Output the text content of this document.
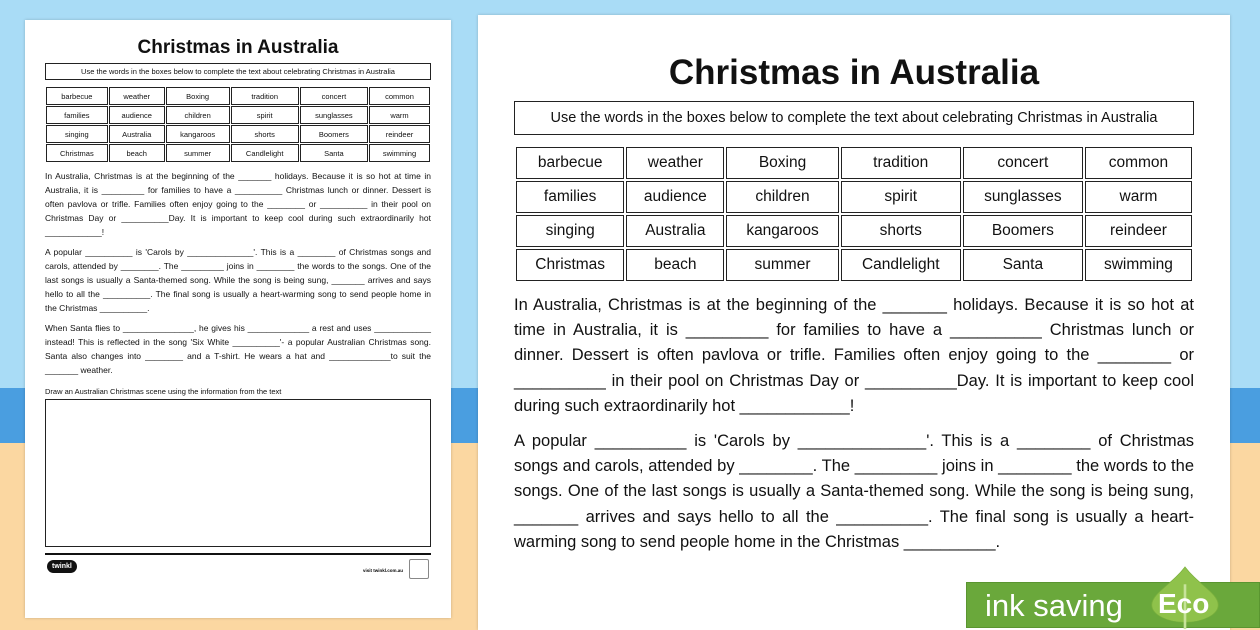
Christmas in Australia
Use the words in the boxes below to complete the text about celebrating Christmas in Australia
barbecue	weather	Boxing	tradition	concert	common
families	audience	children	spirit	sunglasses	warm
singing	Australia	kangaroos	shorts	Boomers	reindeer
Christmas	beach	summer	Candlelight	Santa	swimming

In Australia, Christmas is at the beginning of the _______ holidays. Because it is so hot at time in Australia, it is _________ for families to have a __________ Christmas lunch or dinner. Dessert is often pavlova or trifle. Families often enjoy going to the ________ or __________ in their pool on Christmas Day or __________Day. It is important to keep cool during such extraordinarily hot ____________!

A popular __________ is 'Carols by ______________'. This is a ________ of Christmas songs and carols, attended by ________. The _________ joins in ________ the words to the songs. One of the last songs is usually a Santa-themed song. While the song is being sung, _______ arrives and says hello to all the __________. The final song is usually a heart-warming song to send people home in the Christmas __________.

When Santa flies to _______________, he gives his _____________ a rest and uses ____________ instead! This is reflected in the song 'Six White __________'- a popular Australian Christmas song. Santa also changes into ________ and a T-shirt. He wears a hat and _____________to suit the _______ weather.

Draw an Australian Christmas scene using the information from the text
twinkl
visit twinkl.com.au
Christmas in Australia
Use the words in the boxes below to complete the text about celebrating Christmas in Australia
barbecue	weather	Boxing	tradition	concert	common
families	audience	children	spirit	sunglasses	warm
singing	Australia	kangaroos	shorts	Boomers	reindeer
Christmas	beach	summer	Candlelight	Santa	swimming

In Australia, Christmas is at the beginning of the _______ holidays. Because it is so hot at time in Australia, it is _________ for families to have a __________ Christmas lunch or dinner. Dessert is often pavlova or trifle. Families often enjoy going to the ________ or __________ in their pool on Christmas Day or __________Day. It is important to keep cool during such extraordinarily hot ____________!

A popular __________ is 'Carols by ______________'. This is a ________ of Christmas songs and carols, attended by ________. The _________ joins in ________ the words to the songs. One of the last songs is usually a Santa-themed song. While the song is being sung, _______ arrives and says hello to all the __________. The final song is usually a heart-warming song to send people home in the Christmas __________.

ink saving Eco
